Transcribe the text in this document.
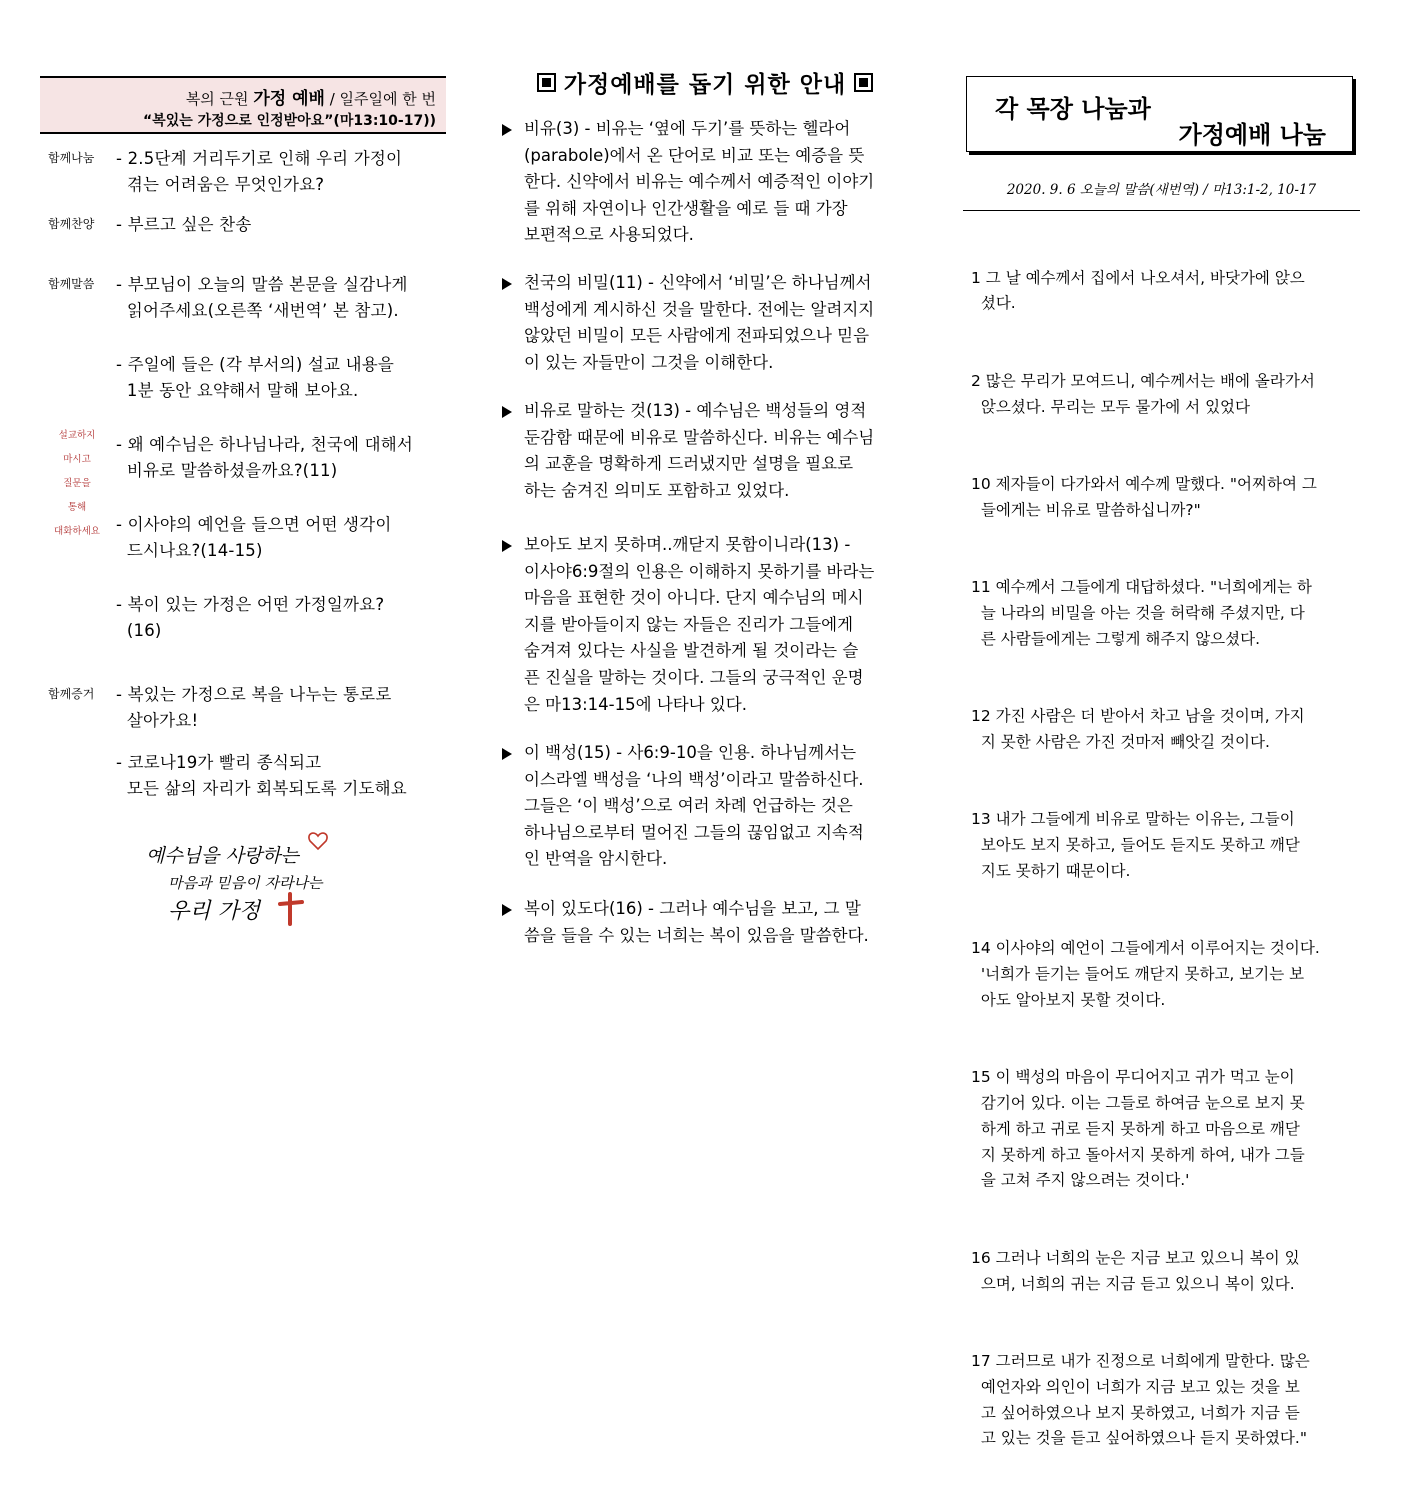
복의 근원 가정 예배 / 일주일에 한 번
“복있는 가정으로 인정받아요”(마13:10-17))
함께나눔 - 2.5단계 거리두기로 인해 우리 가정이
겪는 어려움은 무엇인가요?
함께찬양 - 부르고 싶은 찬송
함께말씀 - 부모님이 오늘의 말씀 본문을 실감나게
읽어주세요(오른쪽 ‘새번역’ 본 참고).
- 주일에 들은 (각 부서의) 설교 내용을
1분 동안 요약해서 말해 보아요.
- 왜 예수님은 하나님나라, 천국에 대해서
비유로 말씀하셨을까요?(11)
- 이사야의 예언을 들으면 어떤 생각이
드시나요?(14-15)
- 복이 있는 가정은 어떤 가정일까요?
(16)
함께증거 - 복있는 가정으로 복을 나누는 통로로
살아가요!
- 코로나19가 빨리 종식되고
모든 삶의 자리가 회복되도록 기도해요
설교하지
마시고
질문을
통해
대화하세요
예수님을 사랑하는
마음과 믿음이 자라나는
우리 가정
가정예배를 돕기 위한 안내
비유(3) - 비유는 ‘옆에 두기’를 뜻하는 헬라어
(parabole)에서 온 단어로 비교 또는 예증을 뜻
한다. 신약에서 비유는 예수께서 예증적인 이야기
를 위해 자연이나 인간생활을 예로 들 때 가장
보편적으로 사용되었다.
천국의 비밀(11) - 신약에서 ‘비밀’은 하나님께서
백성에게 계시하신 것을 말한다. 전에는 알려지지
않았던 비밀이 모든 사람에게 전파되었으나 믿음
이 있는 자들만이 그것을 이해한다.
비유로 말하는 것(13) - 예수님은 백성들의 영적
둔감함 때문에 비유로 말씀하신다. 비유는 예수님
의 교훈을 명확하게 드러냈지만 설명을 필요로
하는 숨겨진 의미도 포함하고 있었다.
보아도 보지 못하며..깨닫지 못함이니라(13) -
이사야6:9절의 인용은 이해하지 못하기를 바라는
마음을 표현한 것이 아니다. 단지 예수님의 메시
지를 받아들이지 않는 자들은 진리가 그들에게
숨겨져 있다는 사실을 발견하게 될 것이라는 슬
픈 진실을 말하는 것이다. 그들의 궁극적인 운명
은 마13:14-15에 나타나 있다.
이 백성(15) - 사6:9-10을 인용. 하나님께서는
이스라엘 백성을 ‘나의 백성’이라고 말씀하신다.
그들은 ‘이 백성’으로 여러 차례 언급하는 것은
하나님으로부터 멀어진 그들의 끊임없고 지속적
인 반역을 암시한다.
복이 있도다(16) - 그러나 예수님을 보고, 그 말
씀을 들을 수 있는 너희는 복이 있음을 말씀한다.
각 목장 나눔과
가정예배 나눔
2020. 9. 6 오늘의 말씀(새번역) / 마13:1-2, 10-17

1 그 날 예수께서 집에서 나오셔서, 바닷가에 앉으
셨다.

2 많은 무리가 모여드니, 예수께서는 배에 올라가서
앉으셨다. 무리는 모두 물가에 서 있었다

10 제자들이 다가와서 예수께 말했다. "어찌하여 그
들에게는 비유로 말씀하십니까?"

11 예수께서 그들에게 대답하셨다. "너희에게는 하
늘 나라의 비밀을 아는 것을 허락해 주셨지만, 다
른 사람들에게는 그렇게 해주지 않으셨다.

12 가진 사람은 더 받아서 차고 남을 것이며, 가지
지 못한 사람은 가진 것마저 빼앗길 것이다.

13 내가 그들에게 비유로 말하는 이유는, 그들이
보아도 보지 못하고, 들어도 듣지도 못하고 깨닫
지도 못하기 때문이다.

14 이사야의 예언이 그들에게서 이루어지는 것이다.
'너희가 듣기는 들어도 깨닫지 못하고, 보기는 보
아도 알아보지 못할 것이다.

15 이 백성의 마음이 무디어지고 귀가 먹고 눈이
감기어 있다. 이는 그들로 하여금 눈으로 보지 못
하게 하고 귀로 듣지 못하게 하고 마음으로 깨닫
지 못하게 하고 돌아서지 못하게 하여, 내가 그들
을 고쳐 주지 않으려는 것이다.'

16 그러나 너희의 눈은 지금 보고 있으니 복이 있
으며, 너희의 귀는 지금 듣고 있으니 복이 있다.

17 그러므로 내가 진정으로 너희에게 말한다. 많은
예언자와 의인이 너희가 지금 보고 있는 것을 보
고 싶어하였으나 보지 못하였고, 너희가 지금 듣
고 있는 것을 듣고 싶어하였으나 듣지 못하였다."
